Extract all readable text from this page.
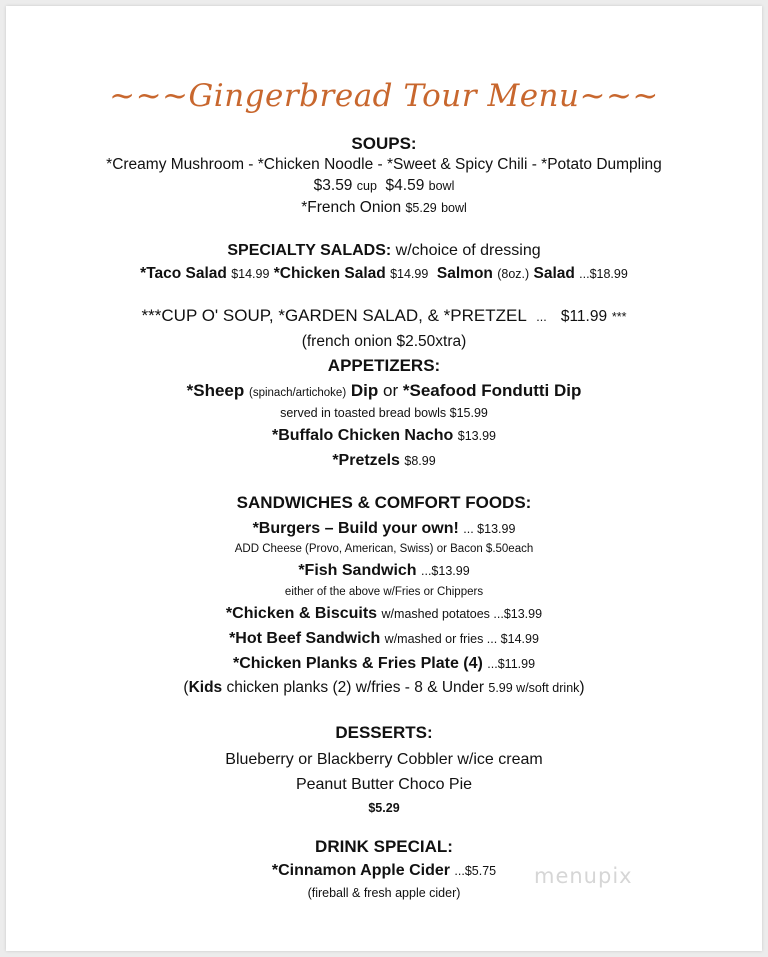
~~~Gingerbread Tour Menu~~~
SOUPS:
*Creamy Mushroom - *Chicken Noodle - *Sweet & Spicy Chili - *Potato Dumpling
$3.59 cup $4.59 bowl
*French Onion $5.29 bowl
SPECIALTY SALADS: w/choice of dressing
*Taco Salad $14.99 *Chicken Salad $14.99 Salmon (8oz.) Salad ...$18.99
***CUP O' SOUP, *GARDEN SALAD, & *PRETZEL ... $11.99 ***
(french onion $2.50xtra)
APPETIZERS:
*Sheep (spinach/artichoke) Dip or *Seafood Fondutti Dip
served in toasted bread bowls $15.99
*Buffalo Chicken Nacho $13.99
*Pretzels $8.99
SANDWICHES & COMFORT FOODS:
*Burgers – Build your own! ... $13.99
ADD Cheese (Provo, American, Swiss) or Bacon $.50each
*Fish Sandwich ...$13.99
either of the above w/Fries or Chippers
*Chicken & Biscuits w/mashed potatoes ...$13.99
*Hot Beef Sandwich w/mashed or fries ... $14.99
*Chicken Planks & Fries Plate (4) ...$11.99
(Kids chicken planks (2) w/fries - 8 & Under 5.99 w/soft drink)
DESSERTS:
Blueberry or Blackberry Cobbler w/ice cream
Peanut Butter Choco Pie
$5.29
DRINK SPECIAL:
*Cinnamon Apple Cider ...$5.75
(fireball & fresh apple cider)
menupix
